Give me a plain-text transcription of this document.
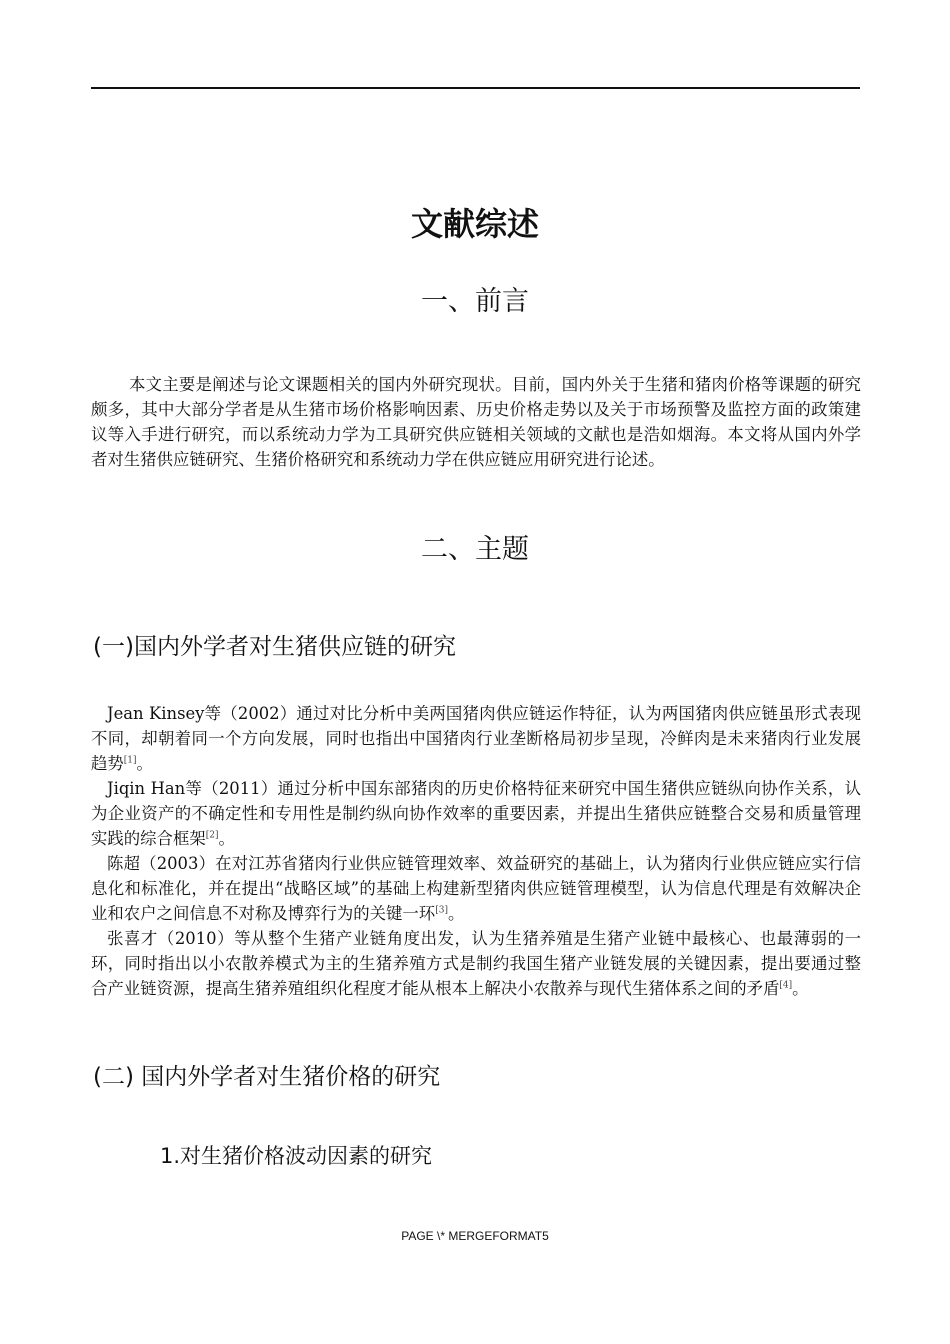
文献综述
一、前言

本文主要是阐述与论文课题相关的国内外研究现状。目前，国内外关于生猪和猪肉价格等课题的研究颇多，其中大部分学者是从生猪市场价格影响因素、历史价格走势以及关于市场预警及监控方面的政策建议等入手进行研究，而以系统动力学为工具研究供应链相关领域的文献也是浩如烟海。本文将从国内外学者对生猪供应链研究、生猪价格研究和系统动力学在供应链应用研究进行论述。

二、主题
(一)国内外学者对生猪供应链的研究

Jean Kinsey等（2002）通过对比分析中美两国猪肉供应链运作特征，认为两国猪肉供应链虽形式表现不同，却朝着同一个方向发展，同时也指出中国猪肉行业垄断格局初步呈现，冷鲜肉是未来猪肉行业发展趋势[1]。

Jiqin Han等（2011）通过分析中国东部猪肉的历史价格特征来研究中国生猪供应链纵向协作关系，认为企业资产的不确定性和专用性是制约纵向协作效率的重要因素，并提出生猪供应链整合交易和质量管理实践的综合框架[2]。

陈超（2003）在对江苏省猪肉行业供应链管理效率、效益研究的基础上，认为猪肉行业供应链应实行信息化和标准化，并在提出“战略区域”的基础上构建新型猪肉供应链管理模型，认为信息代理是有效解决企业和农户之间信息不对称及博弈行为的关键一环[3]。

张喜才（2010）等从整个生猪产业链角度出发，认为生猪养殖是生猪产业链中最核心、也最薄弱的一环，同时指出以小农散养模式为主的生猪养殖方式是制约我国生猪产业链发展的关键因素，提出要通过整合产业链资源，提高生猪养殖组织化程度才能从根本上解决小农散养与现代生猪体系之间的矛盾[4]。

(二) 国内外学者对生猪价格的研究
1.对生猪价格波动因素的研究
PAGE \* MERGEFORMAT5
